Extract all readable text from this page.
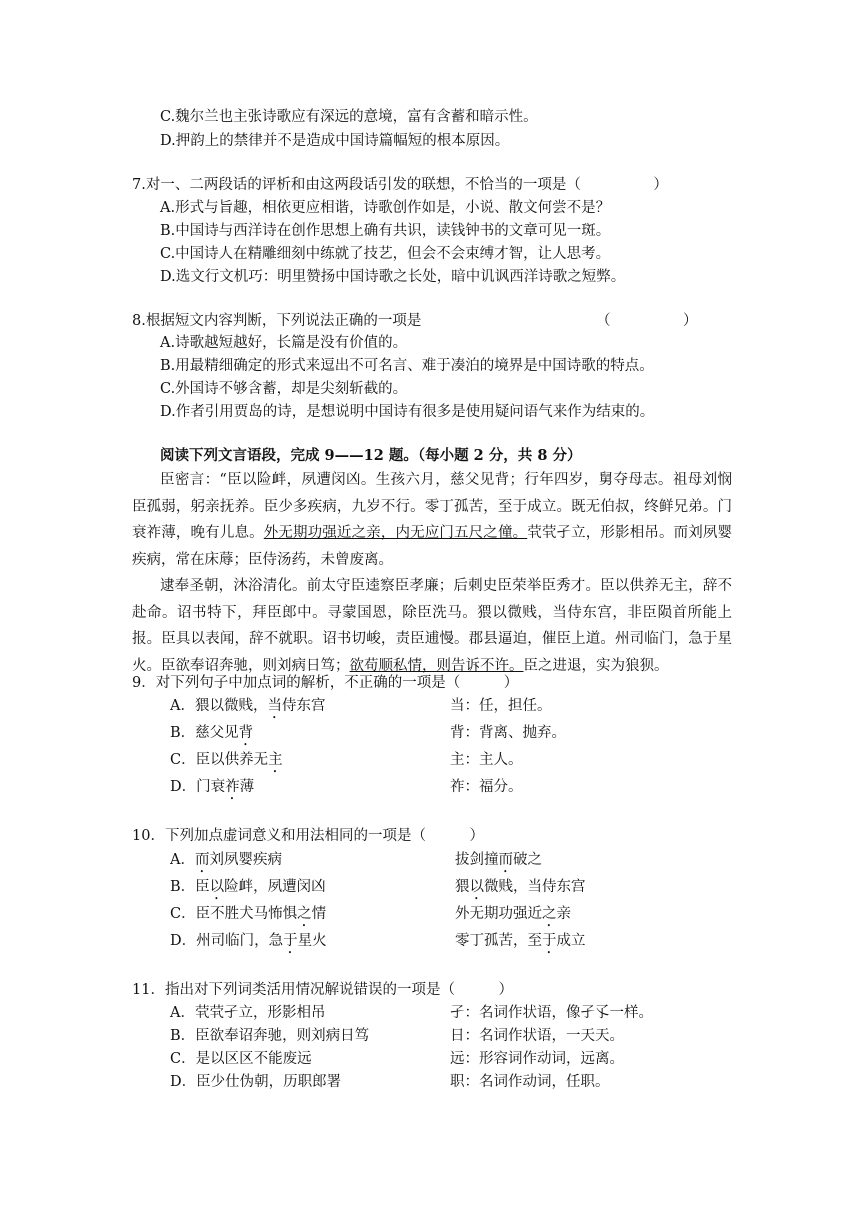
C.魏尔兰也主张诗歌应有深远的意境，富有含蓄和暗示性。
D.押韵上的禁律并不是造成中国诗篇幅短的根本原因。
7.对一、二两段话的评析和由这两段话引发的联想，不恰当的一项是（　　　　　）
A.形式与旨趣，相依更应相谐，诗歌创作如是，小说、散文何尝不是？
B.中国诗与西洋诗在创作思想上确有共识，读钱钟书的文章可见一斑。
C.中国诗人在精雕细刻中练就了技艺，但会不会束缚才智，让人思考。
D.选文行文机巧：明里赞扬中国诗歌之长处，暗中讥讽西洋诗歌之短弊。
8.根据短文内容判断，下列说法正确的一项是	（　　　　　）
A.诗歌越短越好，长篇是没有价值的。
B.用最精细确定的形式来逗出不可名言、难于凑泊的境界是中国诗歌的特点。
C.外国诗不够含蓄，却是尖刻斩截的。
D.作者引用贾岛的诗，是想说明中国诗有很多是使用疑问语气来作为结束的。
阅读下列文言语段，完成 9——12 题。（每小题 2 分，共 8 分）
臣密言：“臣以险衅，夙遭闵凶。生孩六月，慈父见背；行年四岁，舅夺母志。祖母刘悯臣孤弱，躬亲抚养。臣少多疾病，九岁不行。零丁孤苦，至于成立。既无伯叔，终鲜兄弟。门衰祚薄，晚有儿息。外无期功强近之亲，内无应门五尺之僮。茕茕孑立，形影相吊。而刘夙婴疾病，常在床蓐；臣侍汤药，未曾废离。
逮奉圣朝，沐浴清化。前太守臣逵察臣孝廉；后刺史臣荣举臣秀才。臣以供养无主，辞不赴命。诏书特下，拜臣郎中。寻蒙国恩，除臣洗马。猥以微贱，当侍东宫，非臣陨首所能上报。臣具以表闻，辞不就职。诏书切峻，责臣逋慢。郡县逼迫，催臣上道。州司临门，急于星火。臣欲奉诏奔驰，则刘病日笃；欲苟顺私情，则告诉不许。臣之进退，实为狼狈。
9．对下列句子中加点词的解析，不正确的一项是（　　　）
A．猥以微贱，当侍东宫	当：任，担任。
B．慈父见背	背：背离、抛弃。
C．臣以供养无主	主：主人。
D．门衰祚薄	祚：福分。
10．下列加点虚词意义和用法相同的一项是（　　　）
A．而刘夙婴疾病	拔剑撞而破之
B．臣以险衅，夙遭闵凶	猥以微贱，当侍东宫
C．臣不胜犬马怖惧之情	外无期功强近之亲
D．州司临门，急于星火	零丁孤苦，至于成立
11．指出对下列词类活用情况解说错误的一项是（　　　）
A．茕茕孑立，形影相吊	孑：名词作状语，像孑孓一样。
B．臣欲奉诏奔驰，则刘病日笃	日：名词作状语，一天天。
C．是以区区不能废远	远：形容词作动词，远离。
D．臣少仕伪朝，历职郎署	职：名词作动词，任职。
